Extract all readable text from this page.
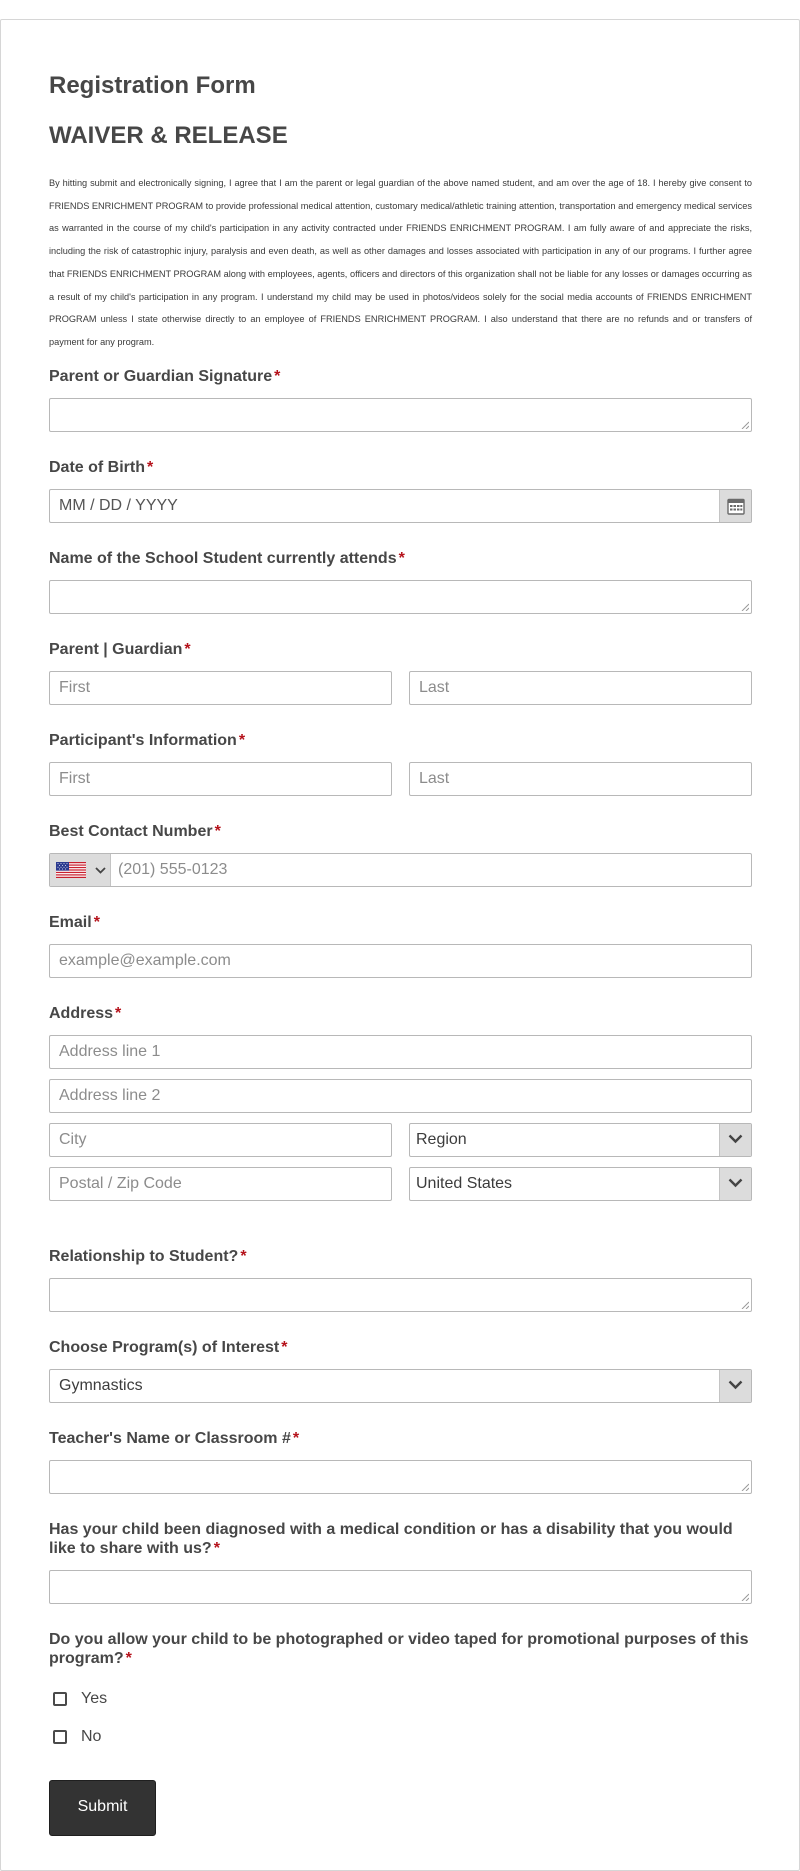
Registration Form
WAIVER & RELEASE
By hitting submit and electronically signing, I agree that I am the parent or legal guardian of the above named student, and am over the age of 18. I hereby give consent to FRIENDS ENRICHMENT PROGRAM to provide professional medical attention, customary medical/athletic training attention, transportation and emergency medical services as warranted in the course of my child's participation in any activity contracted under FRIENDS ENRICHMENT PROGRAM. I am fully aware of and appreciate the risks, including the risk of catastrophic injury, paralysis and even death, as well as other damages and losses associated with participation in any of our programs. I further agree that FRIENDS ENRICHMENT PROGRAM along with employees, agents, officers and directors of this organization shall not be liable for any losses or damages occurring as a result of my child's participation in any program. I understand my child may be used in photos/videos solely for the social media accounts of FRIENDS ENRICHMENT PROGRAM unless I state otherwise directly to an employee of FRIENDS ENRICHMENT PROGRAM. I also understand that there are no refunds and or transfers of payment for any program.
Parent or Guardian Signature *
Date of Birth *
MM / DD / YYYY
Name of the School Student currently attends *
Parent | Guardian *
First	Last
Participant's Information *
First	Last
Best Contact Number *
(201) 555-0123
Email *
example@example.com
Address *
Address line 1
Address line 2
City	Region
Postal / Zip Code	United States
Relationship to Student? *
Choose Program(s) of Interest *
Gymnastics
Teacher's Name or Classroom # *
Has your child been diagnosed with a medical condition or has a disability that you would like to share with us? *
Do you allow your child to be photographed or video taped for promotional purposes of this program? *
Yes
No
Submit
